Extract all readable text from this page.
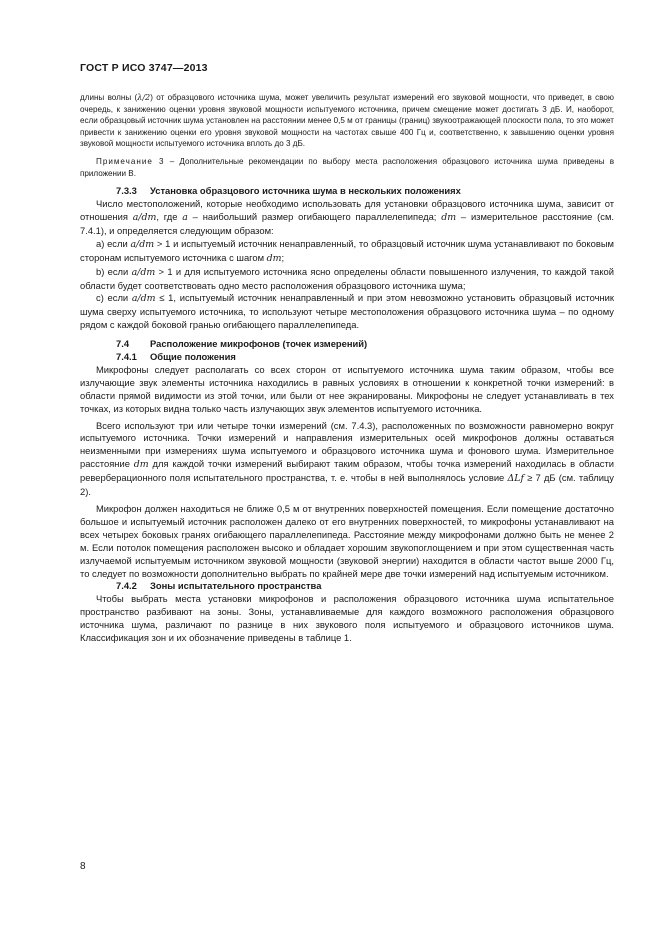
ГОСТ Р ИСО 3747—2013

длины волны (λ/2) от образцового источника шума, может увеличить результат измерений его звуковой мощности, что приведет, в свою очередь, к занижению оценки уровня звуковой мощности испытуемого источника, причем смещение может достигать 3 дБ. И, наоборот, если образцовый источник шума установлен на расстоянии менее 0,5 м от границы (границ) звукоотражающей плоскости пола, то это может привести к занижению оценки его уровня звуковой мощности на частотах свыше 400 Гц и, соответственно, к завышению оценки уровня звуковой мощности испытуемого источника вплоть до 3 дБ.

Примечание 3 – Дополнительные рекомендации по выбору места расположения образцового источника шума приведены в приложении В.

7.3.3 Установка образцового источника шума в нескольких положениях

Число местоположений, которые необходимо использовать для установки образцового источника шума, зависит от отношения a/dm, где a – наибольший размер огибающего параллелепипеда; dm – измерительное расстояние (см. 7.4.1), и определяется следующим образом:

а) если a/dm > 1 и испытуемый источник ненаправленный, то образцовый источник шума устанавливают по боковым сторонам испытуемого источника с шагом dm;

b) если a/dm > 1 и для испытуемого источника ясно определены области повышенного излучения, то каждой такой области будет соответствовать одно место расположения образцового источника шума;

с) если a/dm ≤ 1, испытуемый источник ненаправленный и при этом невозможно установить образцовый источник шума сверху испытуемого источника, то используют четыре местоположения образцового источника шума – по одному рядом с каждой боковой гранью огибающего параллелепипеда.

7.4 Расположение микрофонов (точек измерений)
7.4.1 Общие положения

Микрофоны следует располагать со всех сторон от испытуемого источника шума таким образом, чтобы все излучающие звук элементы источника находились в равных условиях в отношении к конкретной точки измерений: в области прямой видимости из этой точки, или были от нее экранированы. Микрофоны не следует устанавливать в тех точках, из которых видна только часть излучающих звук элементов испытуемого источника.

Всего используют три или четыре точки измерений (см. 7.4.3), расположенных по возможности равномерно вокруг испытуемого источника. Точки измерений и направления измерительных осей микрофонов должны оставаться неизменными при измерениях шума испытуемого и образцового источника шума и фонового шума. Измерительное расстояние dm для каждой точки измерений выбирают таким образом, чтобы точка измерений находилась в области реверберационного поля испытательного пространства, т. е. чтобы в ней выполнялось условие ΔLf ≥ 7 дБ (см. таблицу 2).

Микрофон должен находиться не ближе 0,5 м от внутренних поверхностей помещения. Если помещение достаточно большое и испытуемый источник расположен далеко от его внутренних поверхностей, то микрофоны устанавливают на всех четырех боковых гранях огибающего параллелепипеда. Расстояние между микрофонами должно быть не менее 2 м. Если потолок помещения расположен высоко и обладает хорошим звукопоглощением и при этом существенная часть излучаемой испытуемым источником звуковой мощности (звуковой энергии) находится в области частот выше 2000 Гц, то следует по возможности дополнительно выбрать по крайней мере две точки измерений над испытуемым источником.

7.4.2 Зоны испытательного пространства

Чтобы выбрать места установки микрофонов и расположения образцового источника шума испытательное пространство разбивают на зоны. Зоны, устанавливаемые для каждого возможного расположения образцового источника шума, различают по разнице в них звукового поля испытуемого и образцового источников шума. Классификация зон и их обозначение приведены в таблице 1.

8
